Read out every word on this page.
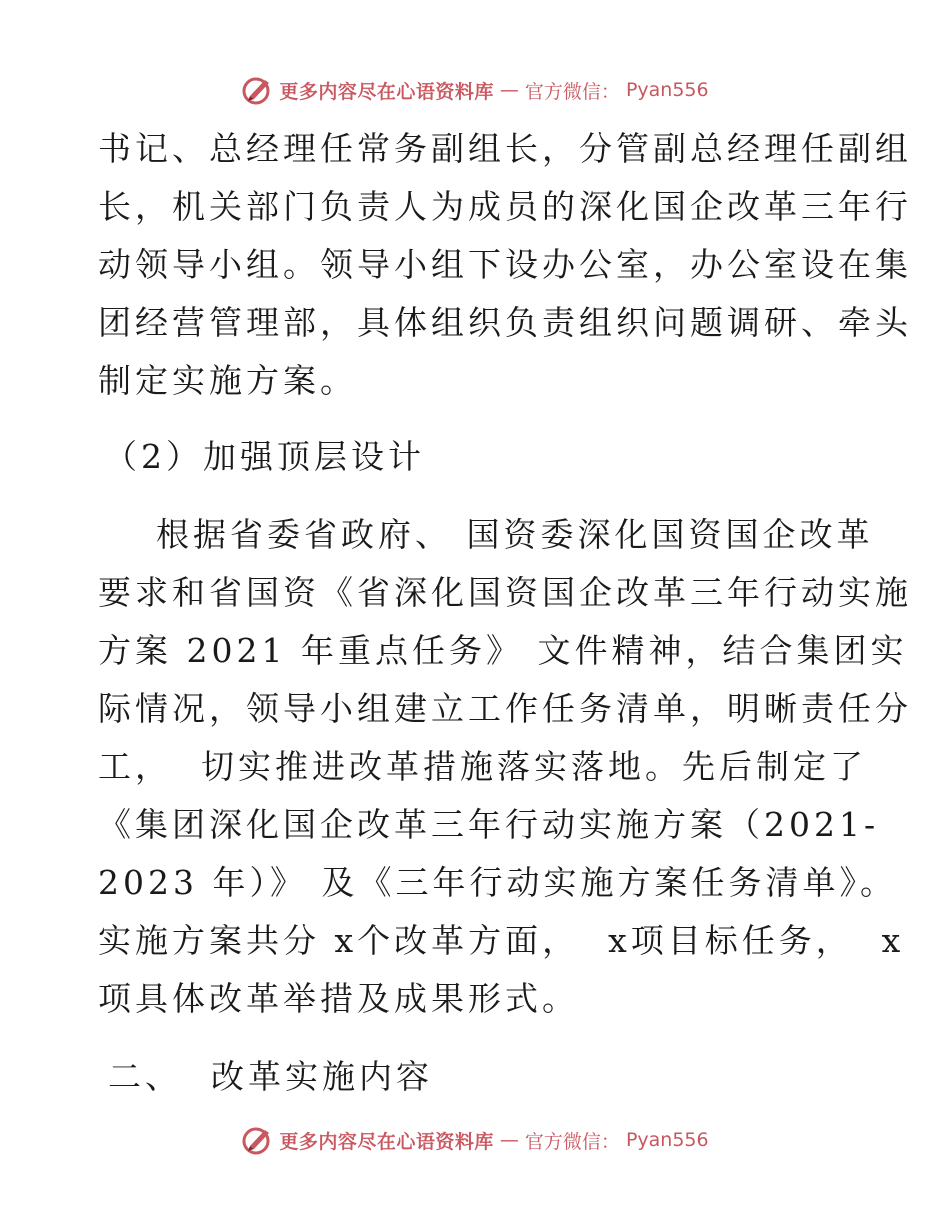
更多内容尽在心语资料库 — 官方微信： Pyan556
书记、总经理任常务副组长，分管副总经理任副组
长，机关部门负责人为成员的深化国企改革三年行
动领导小组。领导小组下设办公室，办公室设在集
团经营管理部，具体组织负责组织问题调研、牵头
制定实施方案。
（2）加强顶层设计
根据省委省政府、 国资委深化国资国企改革
要求和省国资《省深化国资国企改革三年行动实施
方案 2021 年重点任务》 文件精神，结合集团实
际情况，领导小组建立工作任务清单，明晰责任分
工，  切实推进改革措施落实落地。先后制定了
《集团深化国企改革三年行动实施方案（2021-
2023 年）》 及《三年行动实施方案任务清单》。
实施方案共分 x个改革方面，  x项目标任务，  x
项具体改革举措及成果形式。
二、  改革实施内容
更多内容尽在心语资料库 — 官方微信： Pyan556
